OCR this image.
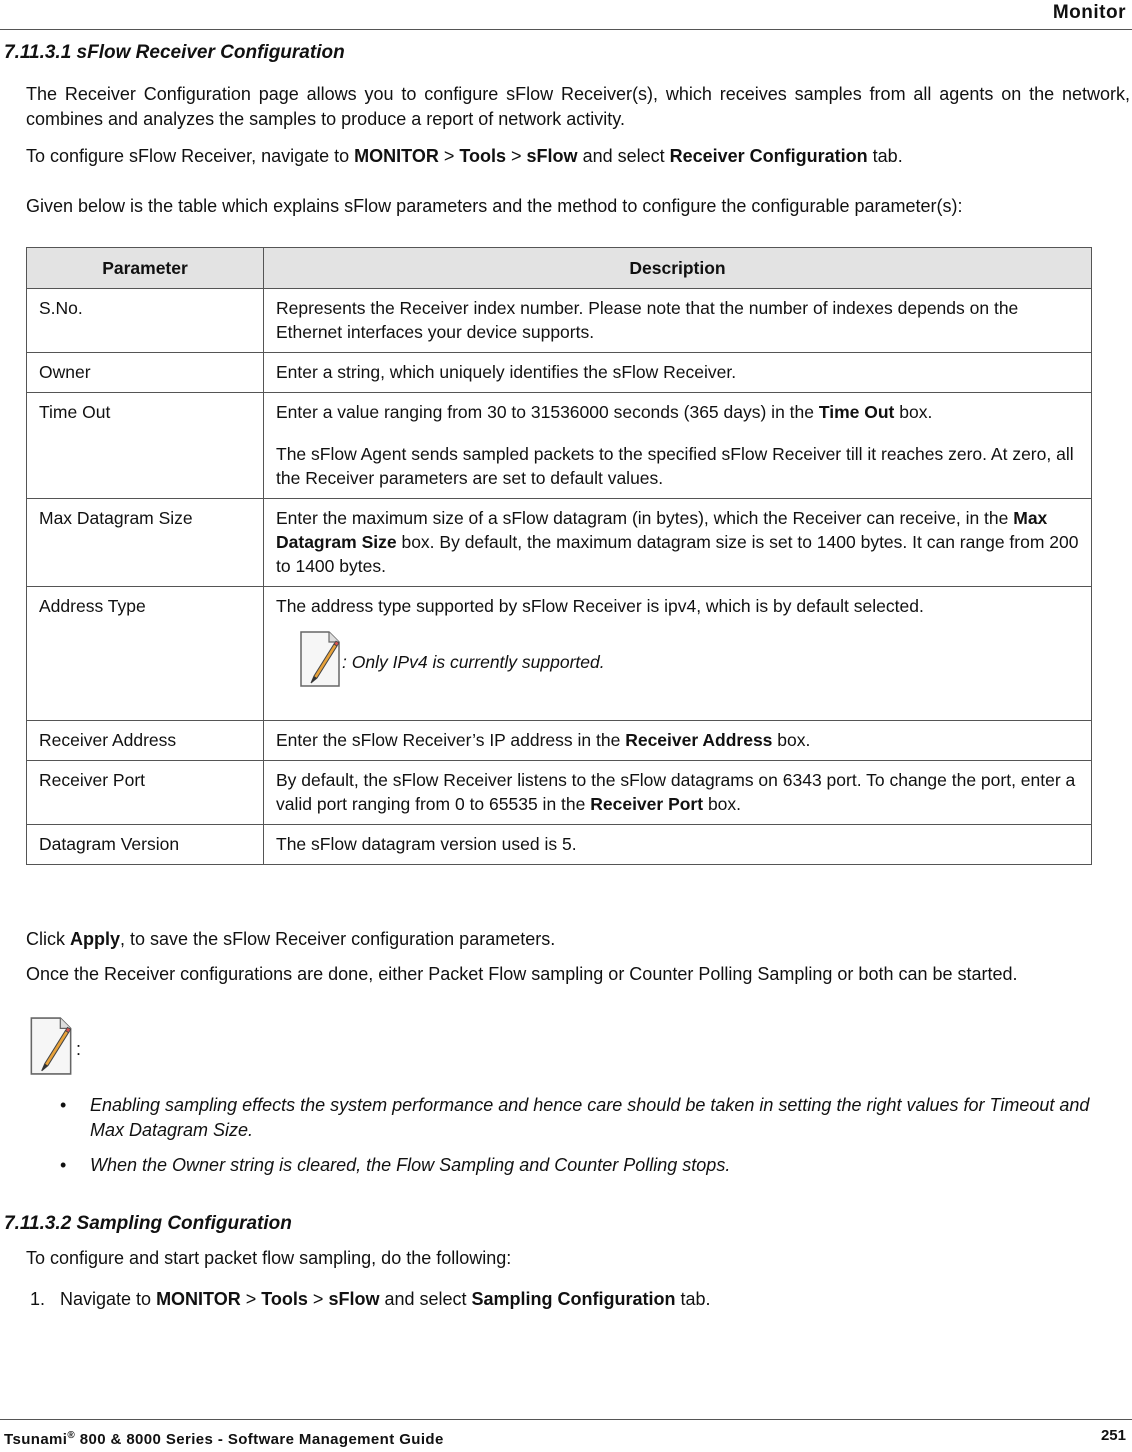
Monitor
7.11.3.1 sFlow Receiver Configuration
The Receiver Configuration page allows you to configure sFlow Receiver(s), which receives samples from all agents on the network, combines and analyzes the samples to produce a report of network activity.
To configure sFlow Receiver, navigate to MONITOR > Tools > sFlow and select Receiver Configuration tab.
Given below is the table which explains sFlow parameters and the method to configure the configurable parameter(s):
Parameter	Description
S.No.	Represents the Receiver index number. Please note that the number of indexes depends on the Ethernet interfaces your device supports.
Owner	Enter a string, which uniquely identifies the sFlow Receiver.
Time Out	Enter a value ranging from 30 to 31536000 seconds (365 days) in the Time Out box.
The sFlow Agent sends sampled packets to the specified sFlow Receiver till it reaches zero. At zero, all the Receiver parameters are set to default values.

Max Datagram Size	Enter the maximum size of a sFlow datagram (in bytes), which the Receiver can receive, in the Max Datagram Size box. By default, the maximum datagram size is set to 1400 bytes. It can range from 200 to 1400 bytes.
Address Type	The address type supported by sFlow Receiver is ipv4, which is by default selected.
: Only IPv4 is currently supported.

Receiver Address	Enter the sFlow Receiver’s IP address in the Receiver Address box.
Receiver Port	By default, the sFlow Receiver listens to the sFlow datagrams on 6343 port. To change the port, enter a valid port ranging from 0 to 65535 in the Receiver Port box.
Datagram Version	The sFlow datagram version used is 5.
Click Apply, to save the sFlow Receiver configuration parameters.
Once the Receiver configurations are done, either Packet Flow sampling or Counter Polling Sampling or both can be started.
:
• Enabling sampling effects the system performance and hence care should be taken in setting the right values for Timeout and Max Datagram Size.
• When the Owner string is cleared, the Flow Sampling and Counter Polling stops.
7.11.3.2 Sampling Configuration
To configure and start packet flow sampling, do the following:
1. Navigate to MONITOR > Tools > sFlow and select Sampling Configuration tab.
Tsunami® 800 & 8000 Series - Software Management Guide	251
